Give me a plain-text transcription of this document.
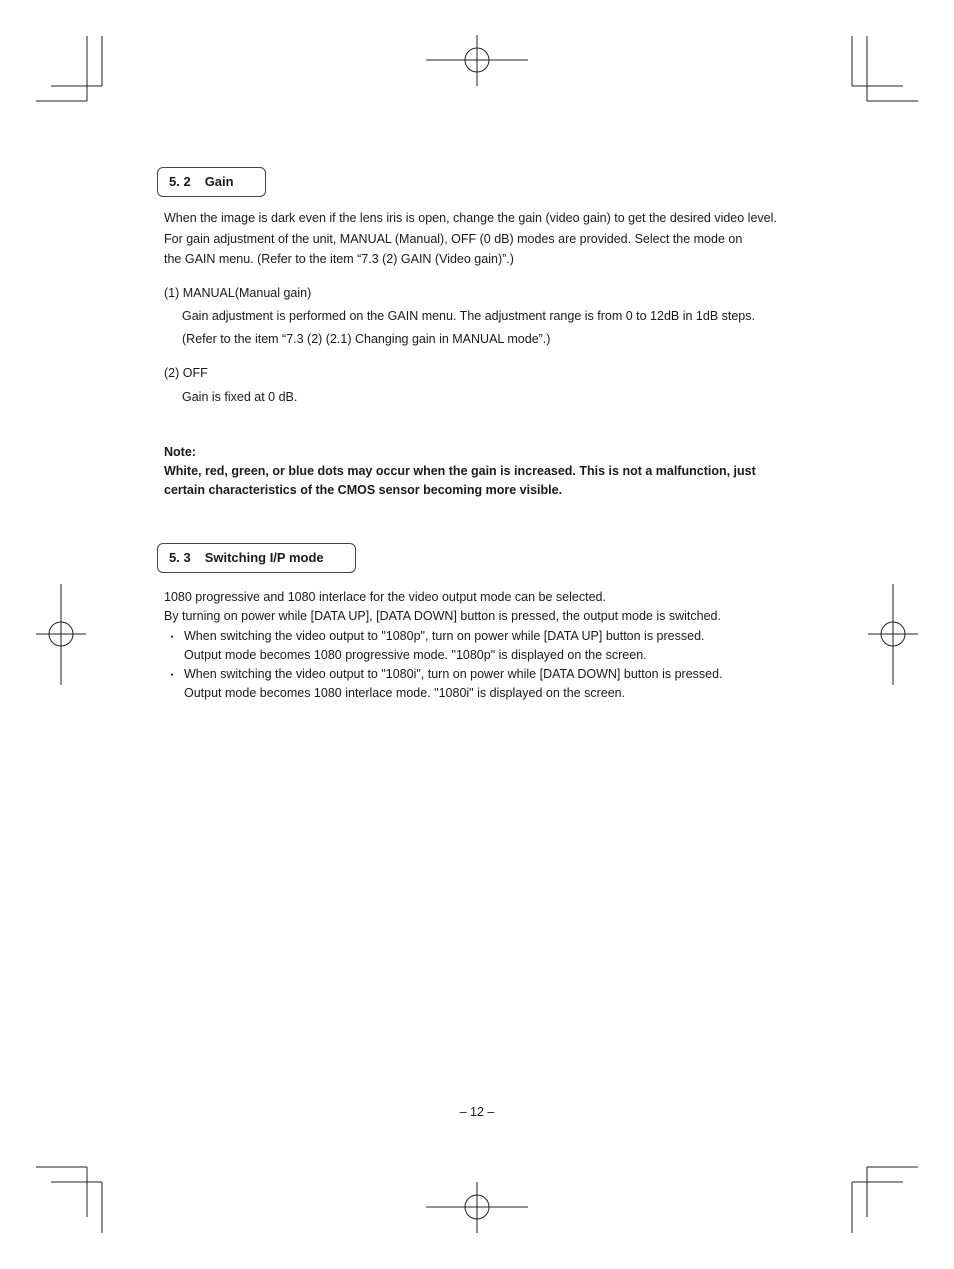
5. 2 Gain
When the image is dark even if the lens iris is open, change the gain (video gain) to get the desired video level.
For gain adjustment of the unit, MANUAL (Manual), OFF (0 dB) modes are provided. Select the mode on
the GAIN menu. (Refer to the item “7.3 (2) GAIN (Video gain)”.)
(1) MANUAL(Manual gain)
Gain adjustment is performed on the GAIN menu. The adjustment range is from 0 to 12dB in 1dB steps.
(Refer to the item “7.3 (2) (2.1) Changing gain in MANUAL mode”.)
(2) OFF
Gain is fixed at 0 dB.
Note:
White, red, green, or blue dots may occur when the gain is increased. This is not a malfunction, just
certain characteristics of the CMOS sensor becoming more visible.
5. 3 Switching I/P mode
1080 progressive and 1080 interlace for the video output mode can be selected.
By turning on power while [DATA UP], [DATA DOWN] button is pressed, the output mode is switched.
・ When switching the video output to "1080p", turn on power while [DATA UP] button is pressed.
Output mode becomes 1080 progressive mode. "1080p" is displayed on the screen.
・ When switching the video output to "1080i", turn on power while [DATA DOWN] button is pressed.
Output mode becomes 1080 interlace mode. "1080i" is displayed on the screen.
– 12 –
